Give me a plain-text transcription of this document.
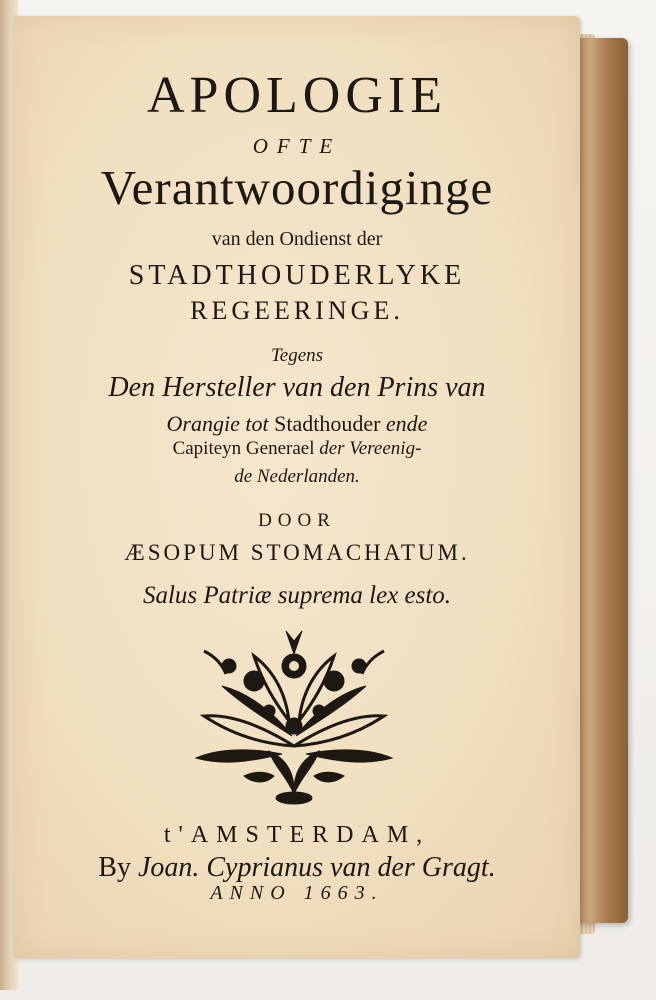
APOLOGIE
OFTE
Verantwoordiginge
van den Ondienst der
STADTHOUDERLYKE
REGEERINGE.
Tegens
Den Hersteller van den Prins van
Orangie tot Stadthouder ende
Capiteyn Generael der Vereenig-
de Nederlanden.
DOOR
ÆSOPUM STOMACHATUM.
Salus Patriæ suprema lex esto.
t'AMSTERDAM,
By Joan. Cyprianus van der Gragt.
ANNO 1663.
